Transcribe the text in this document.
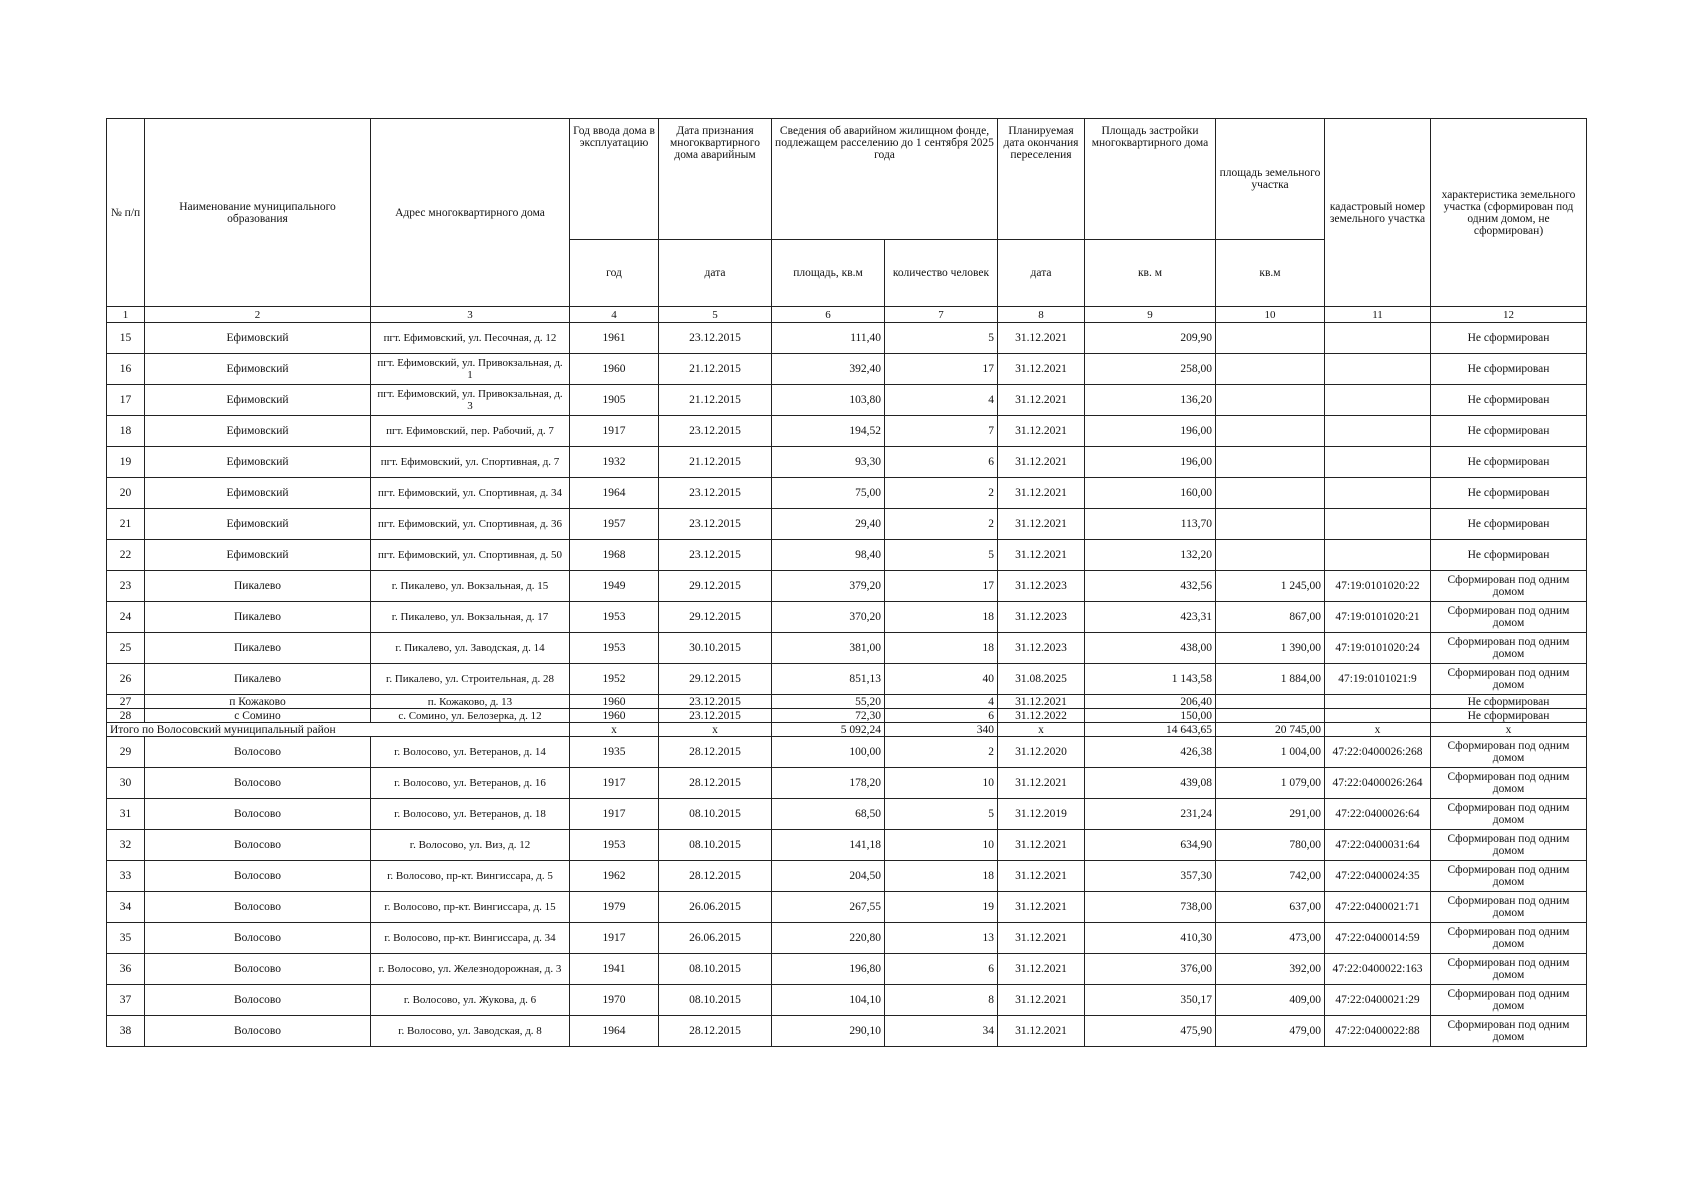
№ п/п	Наименование муниципального образования	Адрес многоквартирного дома	Год ввода дома в эксплуатацию	Дата признания многоквартирного дома аварийным	Сведения об аварийном жилищном фонде, подлежащем расселению до 1 сентября 2025 года		Планируемая дата окончания переселения	Площадь застройки многоквартирного дома	площадь земельного участка	кадастровый номер земельного участка	характеристика земельного участка (сформирован под одним домом, не сформирован)
			год	дата	площадь, кв.м	количество человек	дата	кв. м	кв.м		
1	2	3	4	5	6	7	8	9	10	11	12
15	Ефимовский	пгт. Ефимовский, ул. Песочная, д. 12	1961	23.12.2015	111,40	5	31.12.2021	209,90			Не сформирован
16	Ефимовский	пгт. Ефимовский, ул. Привокзальная, д. 1	1960	21.12.2015	392,40	17	31.12.2021	258,00			Не сформирован
17	Ефимовский	пгт. Ефимовский, ул. Привокзальная, д. 3	1905	21.12.2015	103,80	4	31.12.2021	136,20			Не сформирован
18	Ефимовский	пгт. Ефимовский, пер. Рабочий, д. 7	1917	23.12.2015	194,52	7	31.12.2021	196,00			Не сформирован
19	Ефимовский	пгт. Ефимовский, ул. Спортивная, д. 7	1932	21.12.2015	93,30	6	31.12.2021	196,00			Не сформирован
20	Ефимовский	пгт. Ефимовский, ул. Спортивная, д. 34	1964	23.12.2015	75,00	2	31.12.2021	160,00			Не сформирован
21	Ефимовский	пгт. Ефимовский, ул. Спортивная, д. 36	1957	23.12.2015	29,40	2	31.12.2021	113,70			Не сформирован
22	Ефимовский	пгт. Ефимовский, ул. Спортивная, д. 50	1968	23.12.2015	98,40	5	31.12.2021	132,20			Не сформирован
23	Пикалево	г. Пикалево, ул. Вокзальная, д. 15	1949	29.12.2015	379,20	17	31.12.2023	432,56	1 245,00	47:19:0101020:22	Сформирован под одним домом
24	Пикалево	г. Пикалево, ул. Вокзальная, д. 17	1953	29.12.2015	370,20	18	31.12.2023	423,31	867,00	47:19:0101020:21	Сформирован под одним домом
25	Пикалево	г. Пикалево, ул. Заводская, д. 14	1953	30.10.2015	381,00	18	31.12.2023	438,00	1 390,00	47:19:0101020:24	Сформирован под одним домом
26	Пикалево	г. Пикалево, ул. Строительная, д. 28	1952	29.12.2015	851,13	40	31.08.2025	1 143,58	1 884,00	47:19:0101021:9	Сформирован под одним домом
27	п Кожаково	п. Кожаково, д. 13	1960	23.12.2015	55,20	4	31.12.2021	206,40			Не сформирован
28	с Сомино	с. Сомино, ул. Белозерка, д. 12	1960	23.12.2015	72,30	6	31.12.2022	150,00			Не сформирован
Итого по Волосовский муниципальный район			x	x	5 092,24	340	x	14 643,65	20 745,00	x	x
29	Волосово	г. Волосово, ул. Ветеранов, д. 14	1935	28.12.2015	100,00	2	31.12.2020	426,38	1 004,00	47:22:0400026:268	Сформирован под одним домом
30	Волосово	г. Волосово, ул. Ветеранов, д. 16	1917	28.12.2015	178,20	10	31.12.2021	439,08	1 079,00	47:22:0400026:264	Сформирован под одним домом
31	Волосово	г. Волосово, ул. Ветеранов, д. 18	1917	08.10.2015	68,50	5	31.12.2019	231,24	291,00	47:22:0400026:64	Сформирован под одним домом
32	Волосово	г. Волосово, ул. Виз, д. 12	1953	08.10.2015	141,18	10	31.12.2021	634,90	780,00	47:22:0400031:64	Сформирован под одним домом
33	Волосово	г. Волосово, пр-кт. Вингиссара, д. 5	1962	28.12.2015	204,50	18	31.12.2021	357,30	742,00	47:22:0400024:35	Сформирован под одним домом
34	Волосово	г. Волосово, пр-кт. Вингиссара, д. 15	1979	26.06.2015	267,55	19	31.12.2021	738,00	637,00	47:22:0400021:71	Сформирован под одним домом
35	Волосово	г. Волосово, пр-кт. Вингиссара, д. 34	1917	26.06.2015	220,80	13	31.12.2021	410,30	473,00	47:22:0400014:59	Сформирован под одним домом
36	Волосово	г. Волосово, ул. Железнодорожная, д. 3	1941	08.10.2015	196,80	6	31.12.2021	376,00	392,00	47:22:0400022:163	Сформирован под одним домом
37	Волосово	г. Волосово, ул. Жукова, д. 6	1970	08.10.2015	104,10	8	31.12.2021	350,17	409,00	47:22:0400021:29	Сформирован под одним домом
38	Волосово	г. Волосово, ул. Заводская, д. 8	1964	28.12.2015	290,10	34	31.12.2021	475,90	479,00	47:22:0400022:88	Сформирован под одним домом
